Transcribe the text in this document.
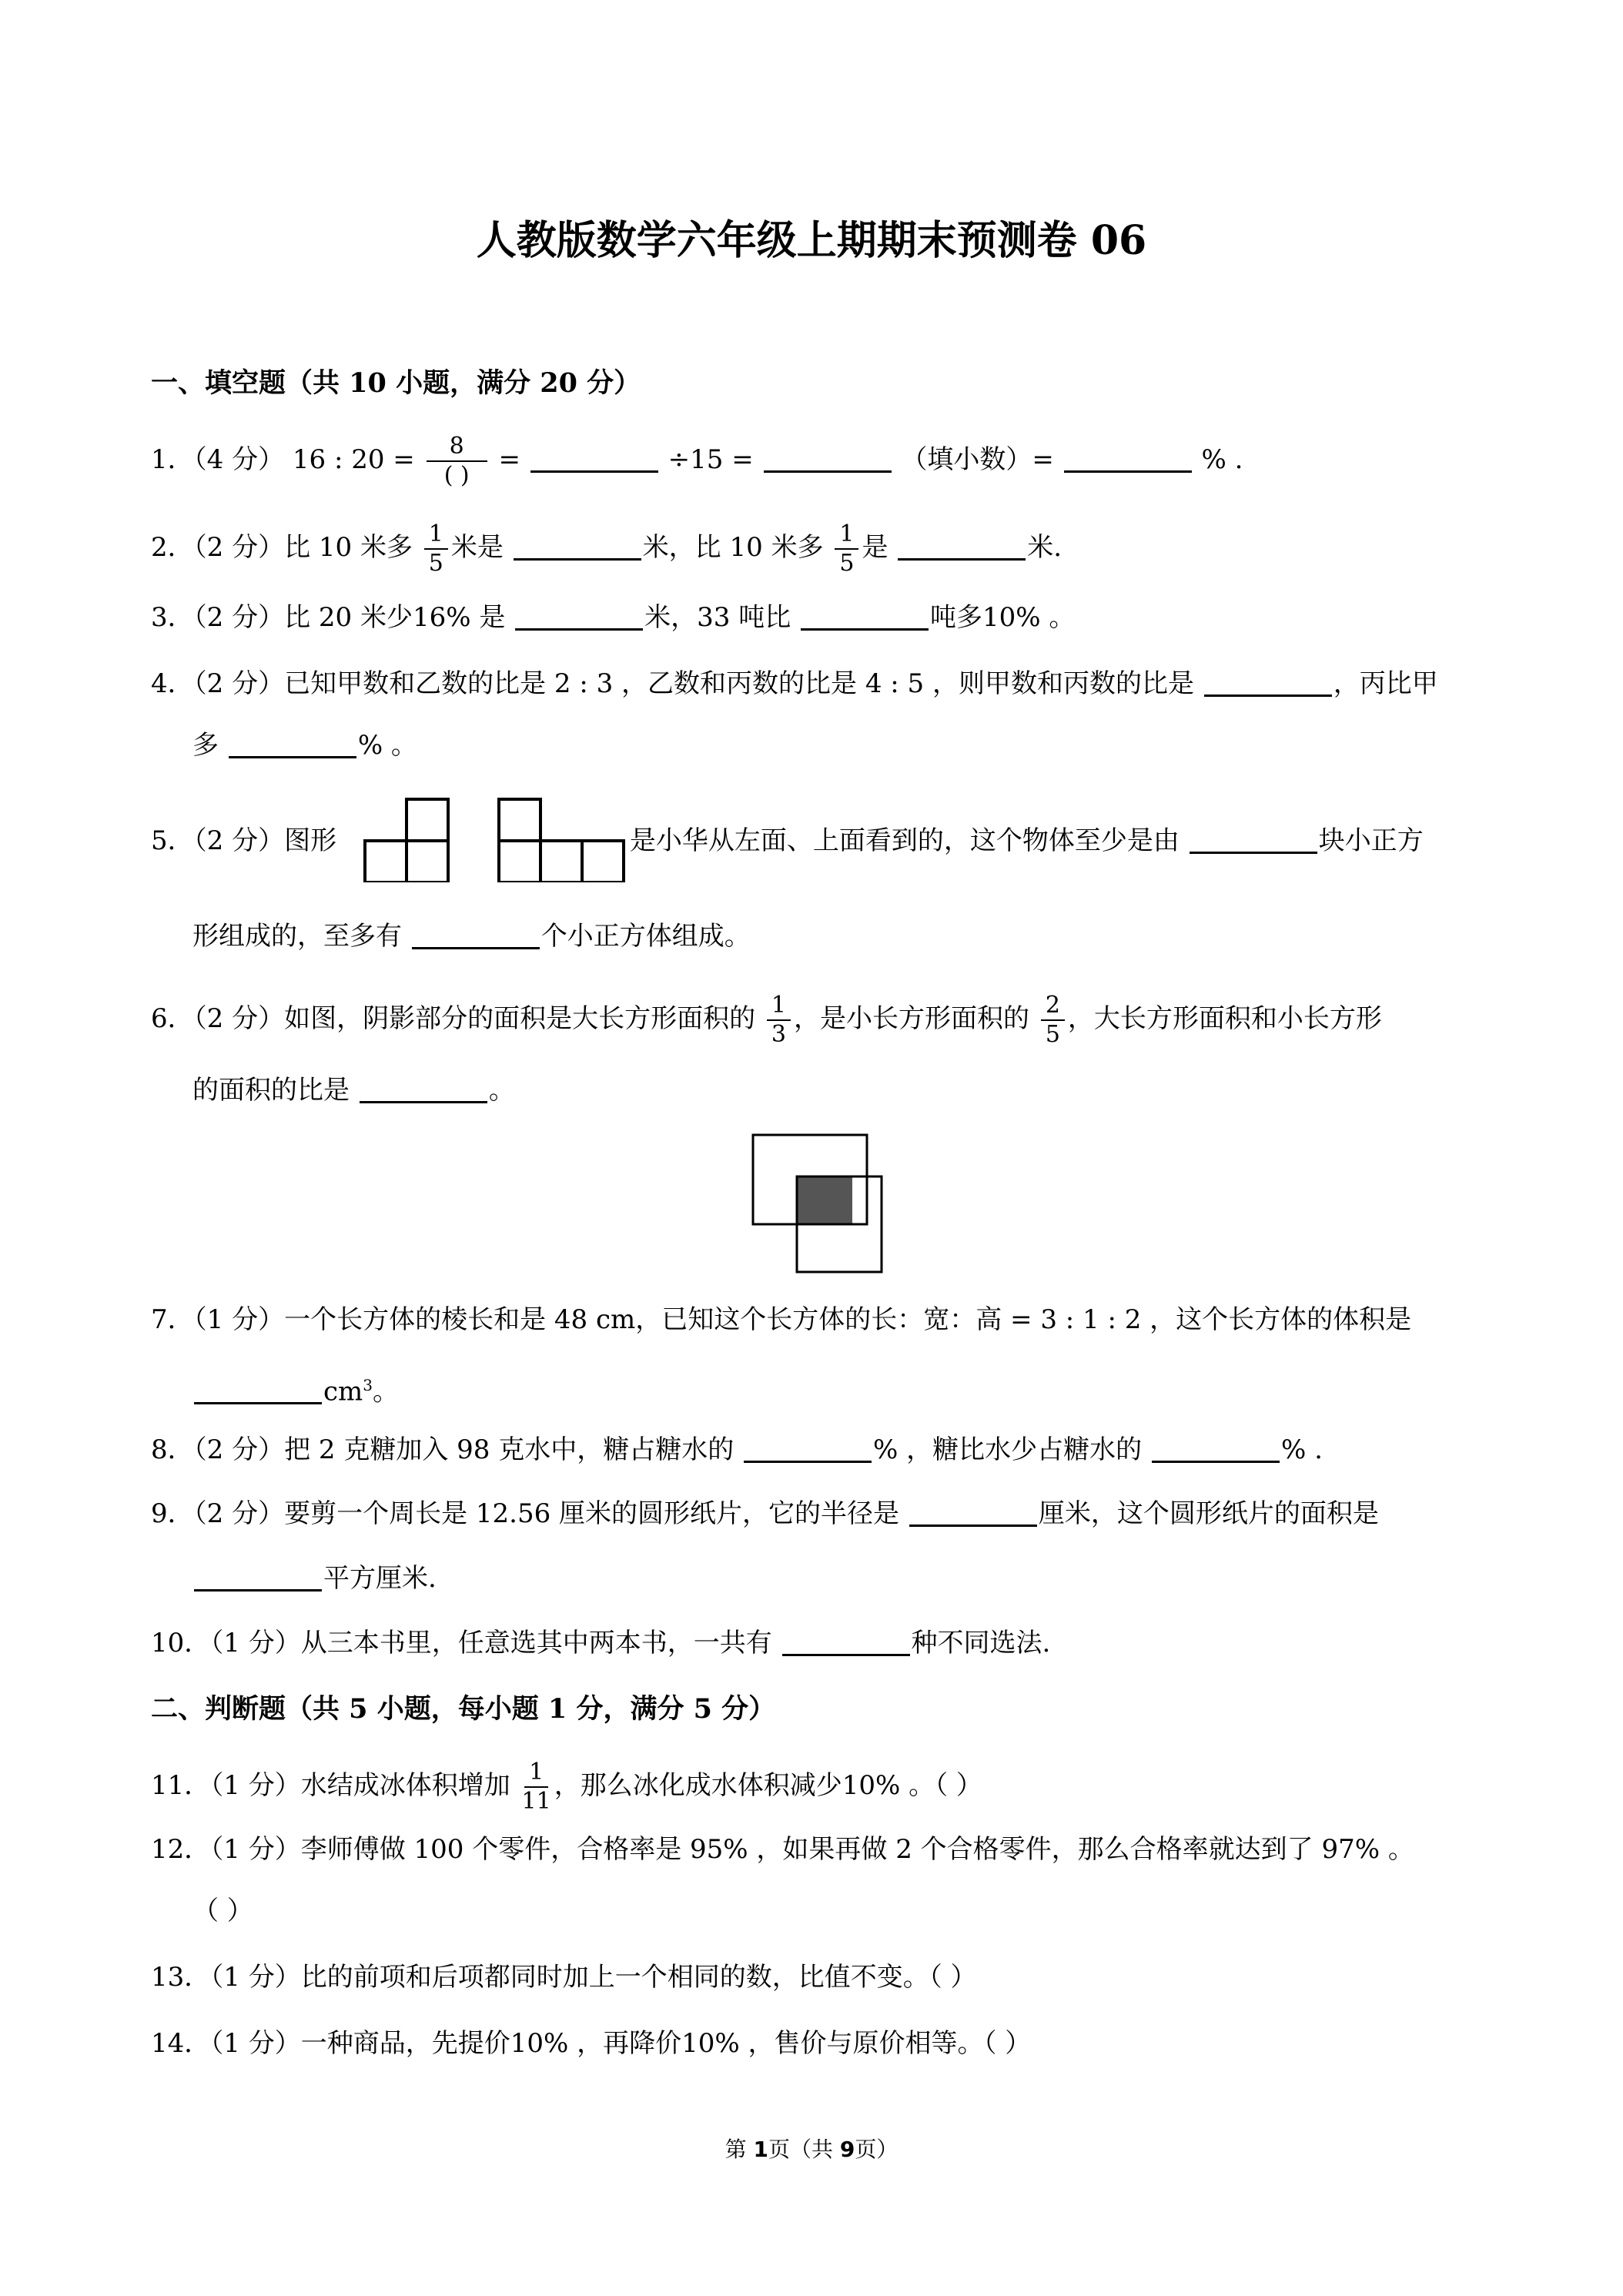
人教版数学六年级上期期末预测卷 06
一、填空题（共 10 小题，满分 20 分）
1．（4 分） 16 : $20 = \frac{8}{( )}$ =	÷15 =	（填小数）=	% .
2．（2 分）比 10 米多 $\frac{1}{5}$ 米是	米，比 10 米多 $\frac{1}{5}$ 是	米.
3．（2 分）比 20 米少16% 是	米，33 吨比	吨多10% 。
4．（2 分）已知甲数和乙数的比是 2 : 3 ，乙数和丙数的比是 4 : 5 ，则甲数和丙数的比是	，丙比甲
多	% 。
5．（2 分）图形	是小华从左面、上面看到的，这个物体至少是由	块小正方
形组成的，至多有	个小正方体组成。
6．（2 分）如图，阴影部分的面积是大长方形面积的 $\frac{1}{3}$ ，是小长方形面积的 $\frac{2}{5}$ ，大长方形面积和小长方形
的面积的比是	。
7．（1 分）一个长方体的棱长和是 48 cm，已知这个长方体的长：宽：高 = 3 : 1 : 2 ，这个长方体的体积是
$cm^3$。
8．（2 分）把 2 克糖加入 98 克水中，糖占糖水的	% ，糖比水少占糖水的	% .
9．（2 分）要剪一个周长是 12.56 厘米的圆形纸片，它的半径是	厘米，这个圆形纸片的面积是
平方厘米.
10．（1 分）从三本书里，任意选其中两本书，一共有	种不同选法.
二、判断题（共 5 小题，每小题 1 分，满分 5 分）
11．（1 分）水结成冰体积增加 $\frac{1}{11}$ ，那么冰化成水体积减少10% 。（ ）
12．（1 分）李师傅做 100 个零件，合格率是 95% ，如果再做 2 个合格零件，那么合格率就达到了 97% 。
（ ）
13．（1 分）比的前项和后项都同时加上一个相同的数，比值不变。（ ）
14．（1 分）一种商品，先提价10% ，再降价10% ，售价与原价相等。（ ）
第 1页（共 9页）
